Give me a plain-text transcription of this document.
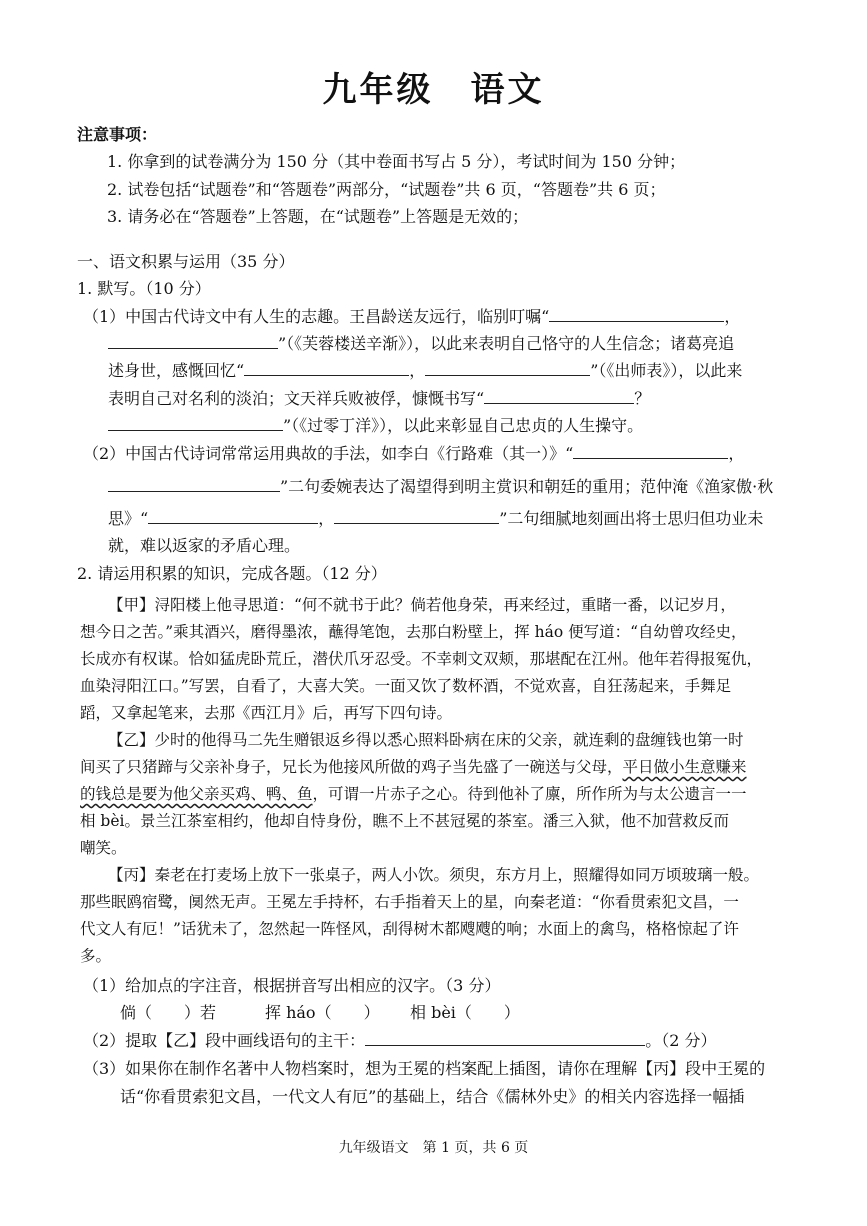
九年级　语文
注意事项：
1. 你拿到的试卷满分为 150 分（其中卷面书写占 5 分），考试时间为 150 分钟；
2. 试卷包括“试题卷”和“答题卷”两部分，“试题卷”共 6 页，“答题卷”共 6 页；
3. 请务必在“答题卷”上答题，在“试题卷”上答题是无效的；
一、语文积累与运用（35 分）
1. 默写。（10 分）
（1）中国古代诗文中有人生的志趣。王昌龄送友远行，临别叮嘱“	，
”（《芙蓉楼送辛渐》），以此来表明自己恪守的人生信念；诸葛亮追
述身世，感慨回忆“	，	”（《出师表》），以此来
表明自己对名利的淡泊；文天祥兵败被俘，慷慨书写“	？
”（《过零丁洋》），以此来彰显自己忠贞的人生操守。
（2）中国古代诗词常常运用典故的手法，如李白《行路难（其一）》“	，
”二句委婉表达了渴望得到明主赏识和朝廷的重用；范仲淹《渔家傲·秋
思》“	，	”二句细腻地刻画出将士思归但功业未
就，难以返家的矛盾心理。
2. 请运用积累的知识，完成各题。（12 分）
【甲】浔阳楼上他寻思道：“何不就书于此？倘若他身荣，再来经过，重睹一番，以记岁月，
想今日之苦。”乘其酒兴，磨得墨浓，蘸得笔饱，去那白粉壁上，挥 háo 便写道：“自幼曾攻经史，
长成亦有权谋。恰如猛虎卧荒丘，潜伏爪牙忍受。不幸刺文双颊，那堪配在江州。他年若得报冤仇，
血染浔阳江口。”写罢，自看了，大喜大笑。一面又饮了数杯酒，不觉欢喜，自狂荡起来，手舞足
蹈，又拿起笔来，去那《西江月》后，再写下四句诗。
【乙】少时的他得马二先生赠银返乡得以悉心照料卧病在床的父亲，就连剩的盘缠钱也第一时
间买了只猪蹄与父亲补身子，兄长为他接风所做的鸡子当先盛了一碗送与父母，平日做小生意赚来
的钱总是要为他父亲买鸡、鸭、鱼，可谓一片赤子之心。待到他补了廪，所作所为与太公遗言一一
相 bèi。景兰江茶室相约，他却自恃身份，瞧不上不甚冠冕的茶室。潘三入狱，他不加营救反而
嘲笑。
【丙】秦老在打麦场上放下一张桌子，两人小饮。须臾，东方月上，照耀得如同万顷玻璃一般。
那些眠鸥宿鹭，阒然无声。王冕左手持杯，右手指着天上的星，向秦老道：“你看贯索犯文昌，一
代文人有厄！”话犹未了，忽然起一阵怪风，刮得树木都飕飕的响；水面上的禽鸟，格格惊起了许
多。
（1）给加点的字注音，根据拼音写出相应的汉字。（3 分）
倘（　　）若	挥 háo（　　） 相 bèi（　　）
（2）提取【乙】段中画线语句的主干：	。（2 分）
（3）如果你在制作名著中人物档案时，想为王冕的档案配上插图，请你在理解【丙】段中王冕的
话“你看贯索犯文昌，一代文人有厄”的基础上，结合《儒林外史》的相关内容选择一幅插
九年级语文　第 1 页，共 6 页
